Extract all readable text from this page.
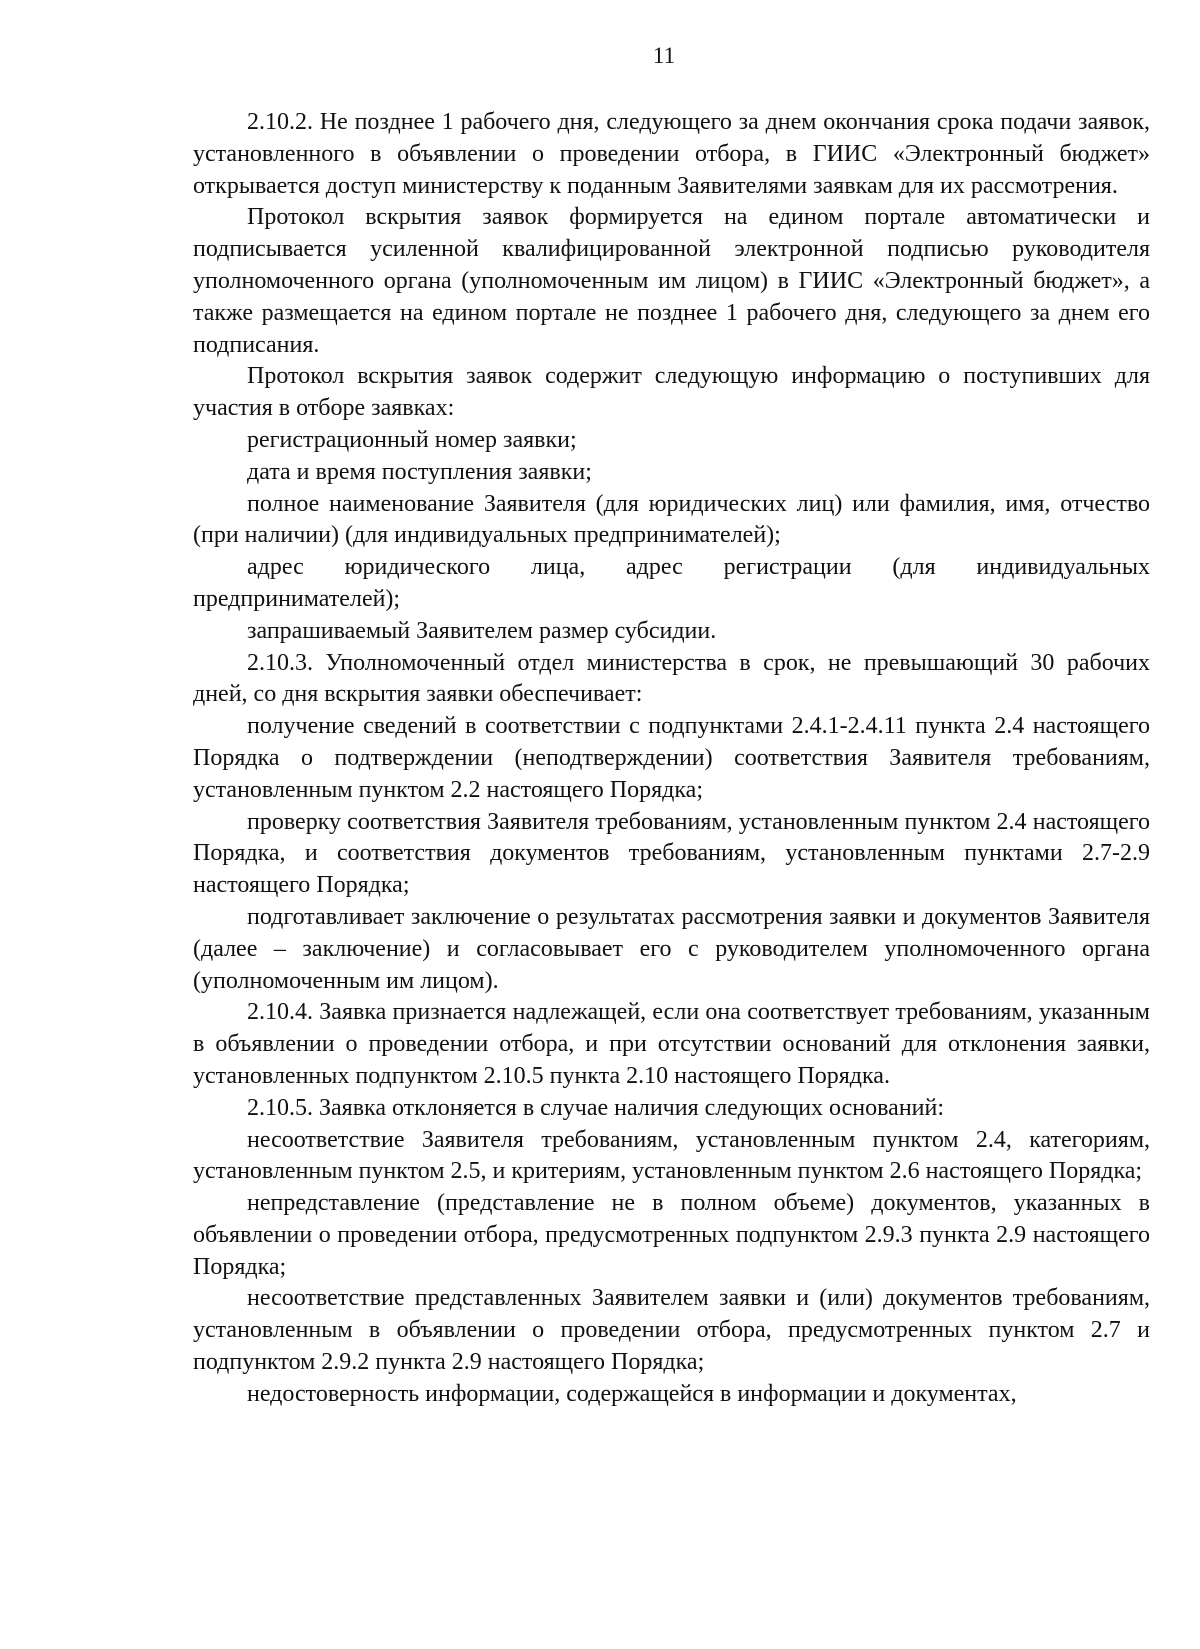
11

2.10.2. Не позднее 1 рабочего дня, следующего за днем окончания срока подачи заявок, установленного в объявлении о проведении отбора, в ГИИС «Электронный бюджет» открывается доступ министерству к поданным Заявителями заявкам для их рассмотрения.

Протокол вскрытия заявок формируется на едином портале автоматически и подписывается усиленной квалифицированной электронной подписью руководителя уполномоченного органа (уполномоченным им лицом) в ГИИС «Электронный бюджет», а также размещается на едином портале не позднее 1 рабочего дня, следующего за днем его подписания.

Протокол вскрытия заявок содержит следующую информацию о поступивших для участия в отборе заявках:

регистрационный номер заявки;

дата и время поступления заявки;

полное наименование Заявителя (для юридических лиц) или фамилия, имя, отчество (при наличии) (для индивидуальных предпринимателей);

адрес юридического лица, адрес регистрации (для индивидуальных предпринимателей);

запрашиваемый Заявителем размер субсидии.

2.10.3. Уполномоченный отдел министерства в срок, не превышающий 30 рабочих дней, со дня вскрытия заявки обеспечивает:

получение сведений в соответствии с подпунктами 2.4.1-2.4.11 пункта 2.4 настоящего Порядка о подтверждении (неподтверждении) соответствия Заявителя требованиям, установленным пунктом 2.2 настоящего Порядка;

проверку соответствия Заявителя требованиям, установленным пунктом 2.4 настоящего Порядка, и соответствия документов требованиям, установленным пунктами 2.7-2.9 настоящего Порядка;

подготавливает заключение о результатах рассмотрения заявки и документов Заявителя (далее – заключение) и согласовывает его с руководителем уполномоченного органа (уполномоченным им лицом).

2.10.4. Заявка признается надлежащей, если она соответствует требованиям, указанным в объявлении о проведении отбора, и при отсутствии оснований для отклонения заявки, установленных подпунктом 2.10.5 пункта 2.10 настоящего Порядка.

2.10.5. Заявка отклоняется в случае наличия следующих оснований:

несоответствие Заявителя требованиям, установленным пунктом 2.4, категориям, установленным пунктом 2.5, и критериям, установленным пунктом 2.6 настоящего Порядка;

непредставление (представление не в полном объеме) документов, указанных в объявлении о проведении отбора, предусмотренных подпунктом 2.9.3 пункта 2.9 настоящего Порядка;

несоответствие представленных Заявителем заявки и (или) документов требованиям, установленным в объявлении о проведении отбора, предусмотренных пунктом 2.7 и подпунктом 2.9.2 пункта 2.9 настоящего Порядка;

недостоверность информации, содержащейся в информации и документах,
